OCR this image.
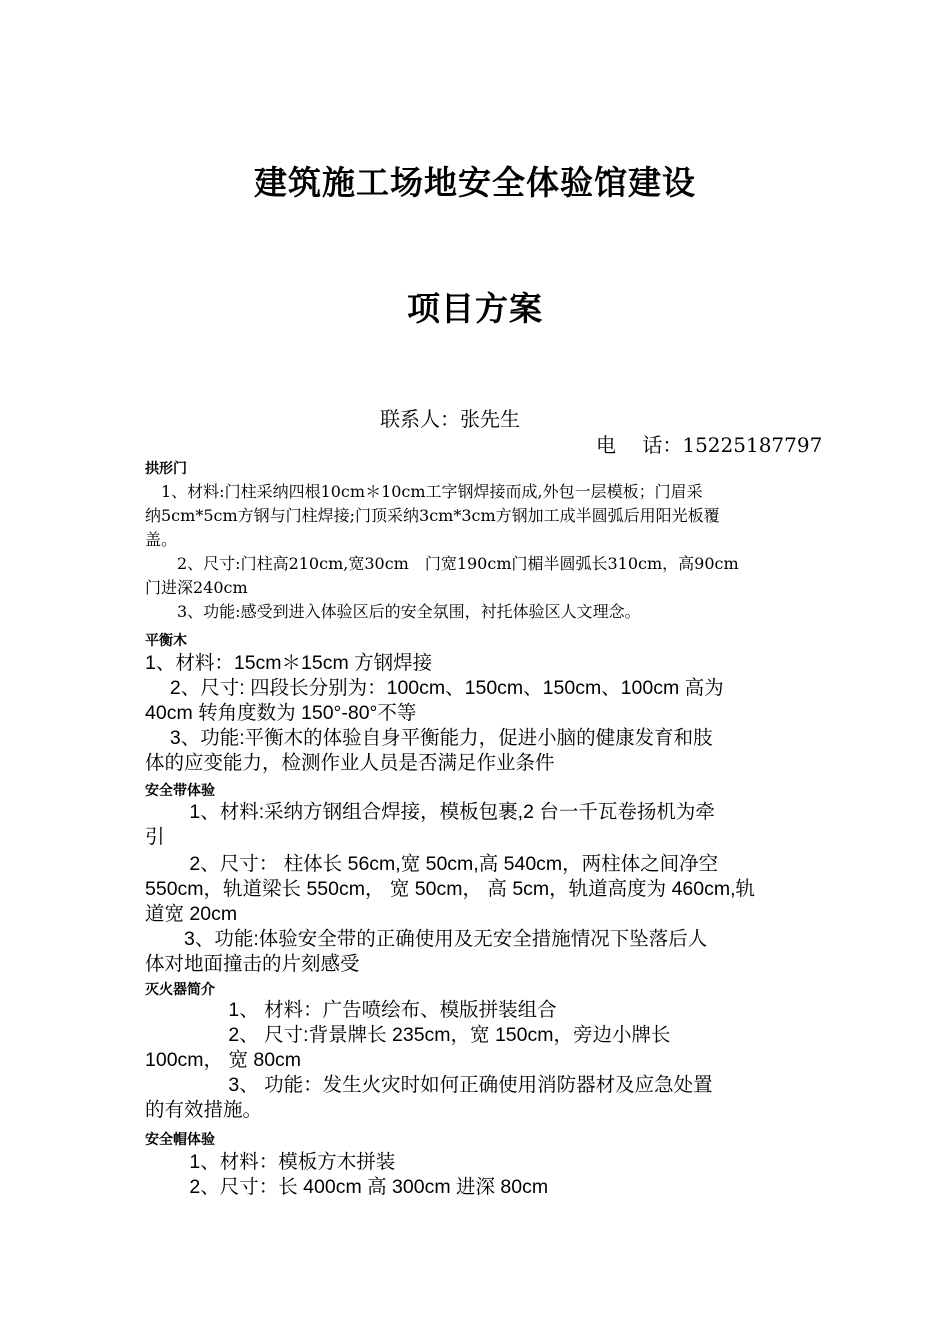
建筑施工场地安全体验馆建设
项目方案
联系人：张先生
电　 话：15225187797
拱形门
　1、材料:门柱采纳四根10cm＊10cm工字钢焊接而成,外包一层模板；门眉采
纳5cm*5cm方钢与门柱焊接;门顶采纳3cm*3cm方钢加工成半圆弧后用阳光板覆
盖。
　　2、尺寸:门柱高210cm,宽30cm　门宽190cm门楣半圆弧长310cm，高90cm
门进深240cm
　　3、功能:感受到进入体验区后的安全氛围，衬托体验区人文理念。
平衡木
1、材料：15cm＊15cm 方钢焊接
　 2、尺寸: 四段长分别为：100cm、150cm、150cm、100cm 高为
40cm 转角度数为 150°-80°不等
　 3、功能:平衡木的体验自身平衡能力，促进小脑的健康发育和肢
体的应变能力，检测作业人员是否满足作业条件
安全带体验
　　 1、材料:采纳方钢组合焊接，模板包裹,2 台一千瓦卷扬机为牵
引
　　 2、尺寸： 柱体长 56cm,宽 50cm,高 540cm，两柱体之间净空
550cm，轨道梁长 550cm， 宽 50cm， 高 5cm，轨道高度为 460cm,轨
道宽 20cm
　　3、功能:体验安全带的正确使用及无安全措施情况下坠落后人
体对地面撞击的片刻感受
灭火器简介
　　　　 1、 材料：广告喷绘布、模版拼装组合
　　　　 2、 尺寸:背景牌长 235cm，宽 150cm，旁边小牌长
100cm， 宽 80cm
　　　　 3、 功能：发生火灾时如何正确使用消防器材及应急处置
的有效措施。
安全帽体验
　　 1、材料：模板方木拼装
　　 2、尺寸：长 400cm 高 300cm 进深 80cm
